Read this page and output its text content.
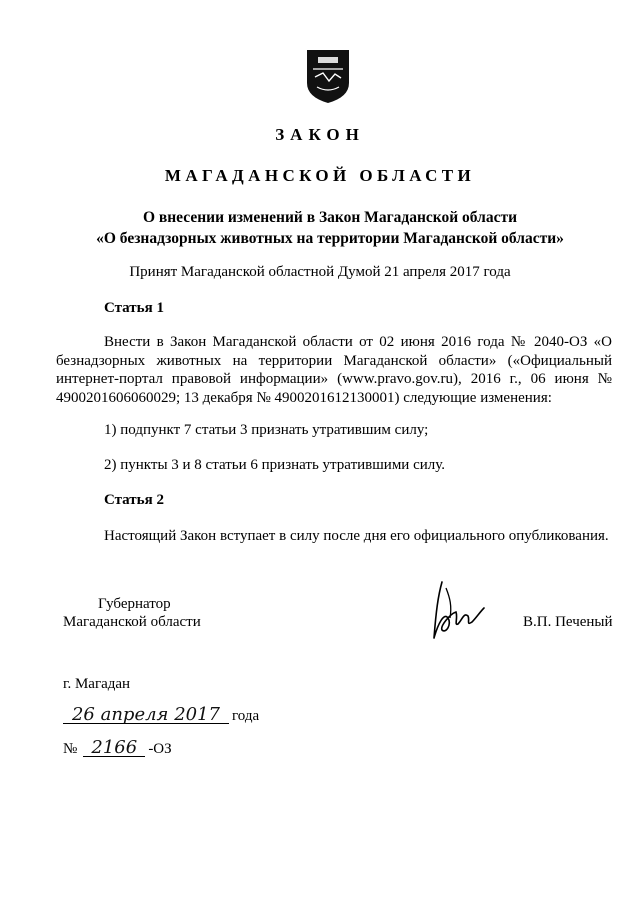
ЗАКОН
МАГАДАНСКОЙ ОБЛАСТИ
О внесении изменений в Закон Магаданской области
«О безнадзорных животных на территории Магаданской области»
Принят Магаданской областной Думой 21 апреля 2017 года
Статья 1
Внести в Закон Магаданской области от 02 июня 2016 года № 2040-ОЗ «О безнадзорных животных на территории Магаданской области» («Официальный интернет-портал правовой информации» (www.pravo.gov.ru), 2016 г., 06 июня № 4900201606060029; 13 декабря № 4900201612130001) следующие изменения:
1) подпункт 7 статьи 3 признать утратившим силу;
2) пункты 3 и 8 статьи 6 признать утратившими силу.
Статья 2
Настоящий Закон вступает в силу после дня его официального опубликования.
Губернатор
Магаданской области	В.П. Печеный
г. Магадан
26 апреля 2017 года
№ 2166 -ОЗ
